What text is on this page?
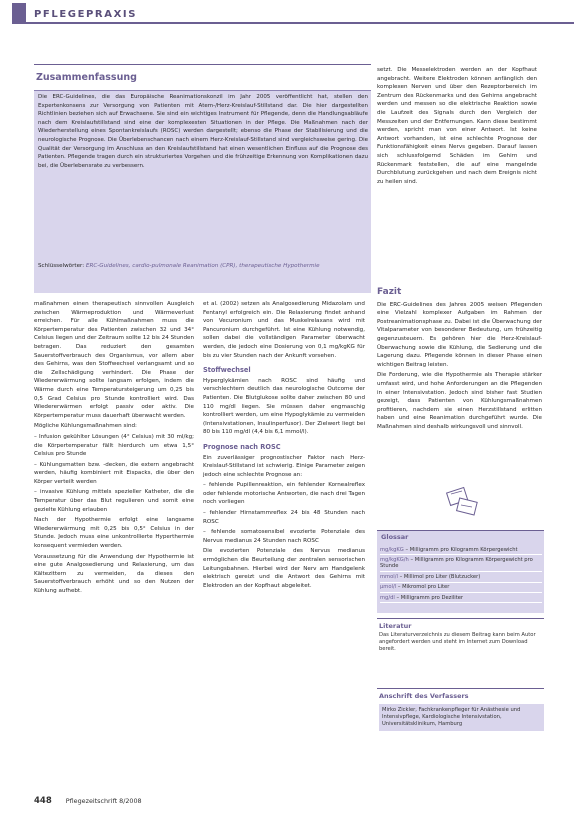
PFLEGEPRAXIS
Zusammenfassung
Die ERC-Guidelines, die das Europäische Reanimationskonzil im Jahr 2005 veröffentlicht hat, stellen den Expertenkonsens zur Versorgung von Patienten mit Atem-/Herz-Kreislauf-Stillstand dar. Die hier dargestellten Richtlinien beziehen sich auf Erwachsene. Sie sind ein wichtiges Instrument für Pflegende, denn die Handlungsabläufe nach dem Kreislaufstillstand sind eine der komplexesten Situationen in der Pflege. Die Maßnahmen nach der Wiederherstellung eines Spontankreislaufs (ROSC) werden dargestellt; ebenso die Phase der Stabilisierung und die neurologische Prognose. Die Überlebenschancen nach einem Herz-Kreislauf-Stillstand sind vergleichsweise gering. Die Qualität der Versorgung im Anschluss an den Kreislaufstillstand hat einen wesentlichen Einfluss auf die Prognose des Patienten. Pflegende tragen durch ein strukturiertes Vorgehen und die frühzeitige Erkennung von Komplikationen dazu bei, die Überlebensrate zu verbessern.
Schlüsselwörter: ERC-Guidelines, cardio-pulmonale Reanimation (CPR), therapeutische Hypothermie

setzt. Die Messelektroden werden an der Kopfhaut angebracht. Weitere Elektroden können anfänglich den komplexen Nerven und über den Rezeptorbereich im Zentrum des Rückenmarks und des Gehirns angebracht werden und messen so die elektrische Reaktion sowie die Laufzeit des Signals durch den Vergleich der Messzeiten und der Entfernungen. Kann diese bestimmt werden, spricht man von einer Antwort. Ist keine Antwort vorhanden, ist eine schlechte Prognose der Funktionsfähigkeit eines Nervs gegeben. Darauf lassen sich schlussfolgernd Schäden im Gehirn und Rückenmark feststellen, die auf eine mangelnde Durchblutung zurückgehen und nach dem Ereignis nicht zu heilen sind.

Fazit

Die ERC-Guidelines des Jahres 2005 weisen Pflegenden eine Vielzahl komplexer Aufgaben im Rahmen der Postreanimationsphase zu. Dabei ist die Überwachung der Vitalparameter von besonderer Bedeutung, um frühzeitig gegenzusteuern. Es gehören hier die Herz-Kreislauf-Überwachung sowie die Kühlung, die Sedierung und die Lagerung dazu. Pflegende können in dieser Phase einen wichtigen Beitrag leisten.

Die Forderung, wie die Hypothermie als Therapie stärker umfasst wird, und hohe Anforderungen an die Pflegenden in einer Intensivstation. Jedoch sind bisher fast Studien gezeigt, dass Patienten von Kühlungsmaßnahmen profitieren, nachdem sie einen Herzstillstand erlitten haben und eine Reanimation durchgeführt wurde. Die Maßnahmen sind deshalb wirkungsvoll und sinnvoll.

maßnahmen einen therapeutisch sinnvollen Ausgleich zwischen Wärmeproduktion und Wärmeverlust erreichen. Für alle Kühlmaßnahmen muss die Körpertemperatur des Patienten zwischen 32 und 34° Celsius liegen und der Zeitraum sollte 12 bis 24 Stunden betragen. Das reduziert den gesamten Sauerstoffverbrauch des Organismus, vor allem aber des Gehirns, was den Stoffwechsel verlangsamt und so die Zellschädigung verhindert. Die Phase der Wiedererwärmung sollte langsam erfolgen, indem die Wärme durch eine Temperatursteigerung um 0,25 bis 0,5 Grad Celsius pro Stunde kontrolliert wird. Das Wiedererwärmen erfolgt passiv oder aktiv. Die Körpertemperatur muss dauerhaft überwacht werden.

Mögliche Kühlungsmaßnahmen sind:

– Infusion gekühlter Lösungen (4° Celsius) mit 30 ml/kg; die Körpertemperatur fällt hierdurch um etwa 1,5° Celsius pro Stunde

– Kühlungsmatten bzw. -decken, die extern angebracht werden, häufig kombiniert mit Eispacks, die über den Körper verteilt werden

– invasive Kühlung mittels spezieller Katheter, die die Temperatur über das Blut regulieren und somit eine gezielte Kühlung erlauben

Nach der Hypothermie erfolgt eine langsame Wiedererwärmung mit 0,25 bis 0,5° Celsius in der Stunde. Jedoch muss eine unkontrollierte Hyperthermie konsequent vermieden werden.

Voraussetzung für die Anwendung der Hypothermie ist eine gute Analgosedierung und Relaxierung, um das Kältezittern zu vermeiden, da dieses den Sauerstoffverbrauch erhöht und so den Nutzen der Kühlung aufhebt.

et al. (2002) setzen als Analgosedierung Midazolam und Fentanyl erfolgreich ein. Die Relaxierung findet anhand von Vecuronium und das Muskelrelaxans wird mit Pancuronium durchgeführt. Ist eine Kühlung notwendig, sollen dabei die vollständigen Parameter überwacht werden, die jedoch eine Dosierung von 0,1 mg/kgKG für bis zu vier Stunden nach der Ankunft vorsehen.

Stoffwechsel

Hyperglykämien nach ROSC sind häufig und verschlechtern deutlich das neurologische Outcome der Patienten. Die Blutglukose sollte daher zwischen 80 und 110 mg/dl liegen. Sie müssen daher engmaschig kontrolliert werden, um eine Hypoglykämie zu vermeiden (Intensivstationen, Insulinperfusor). Der Zielwert liegt bei 80 bis 110 mg/dl (4,4 bis 6,1 mmol/l).

Prognose nach ROSC

Ein zuverlässiger prognostischer Faktor nach Herz-Kreislauf-Stillstand ist schwierig. Einige Parameter zeigen jedoch eine schlechte Prognose an:

– fehlende Pupillenreaktion, ein fehlender Kornealreflex oder fehlende motorische Antworten, die nach drei Tagen noch vorliegen

– fehlender Hirnstammreflex 24 bis 48 Stunden nach ROSC

– fehlende somatosensibel evozierte Potenziale des Nervus medianus 24 Stunden nach ROSC

Die evozierten Potenziale des Nervus medianus ermöglichen die Beurteilung der zentralen sensorischen Leitungsbahnen. Hierbei wird der Nerv am Handgelenk elektrisch gereizt und die Antwort des Gehirns mit Elektroden an der Kopfhaut abgeleitet.

Glossar
mg/kgKG – Milligramm pro Kilogramm Körpergewicht
mg/kgKG/h – Milligramm pro Kilogramm Körpergewicht pro Stunde
mmol/l – Millimol pro Liter (Blutzucker)
µmol/l – Mikromol pro Liter
mg/dl – Milligramm pro Deziliter
Literatur
Das Literaturverzeichnis zu diesem Beitrag kann beim Autor angefordert werden und steht im Internet zum Download bereit.
Anschrift des Verfassers
Mirko Zickler, Fachkrankenpfleger für Anästhesie und Intensivpflege, Kardiologische Intensivstation, Universitätsklinikum, Hamburg
448 Pflegezeitschrift 8/2008
